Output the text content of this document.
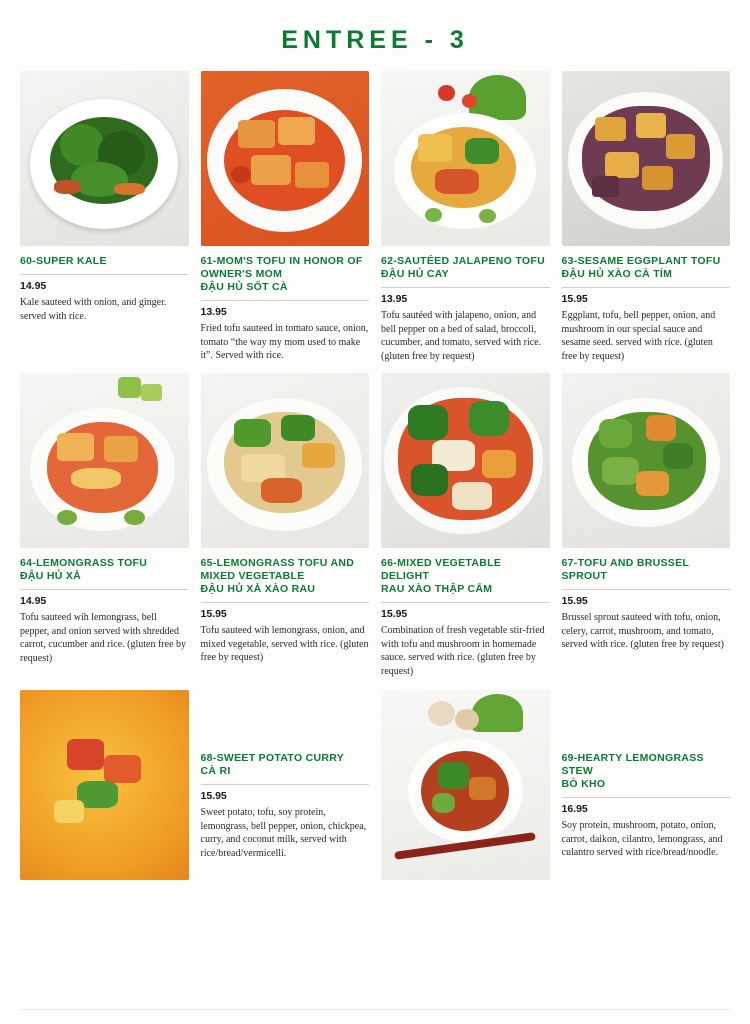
ENTREE - 3
60-SUPER KALE
14.95
Kale sauteed with onion, and ginger. served with rice.
61-MOM'S TOFU IN HONOR OF OWNER'S MOM
ĐẬU HỦ SỐT CÀ
13.95
Fried tofu sauteed in tomato sauce, onion, tomato “the way my mom used to make it”. Served with rice.
62-SAUTÉED JALAPENO TOFU
ĐẬU HỦ CAY
13.95
Tofu sautéed with jalapeno, onion, and bell pepper on a bed of salad, broccoli, cucumber, and tomato, served with rice. (gluten free by request)
63-SESAME EGGPLANT TOFU ĐẬU HỦ XÀO CÀ TÍM
15.95
Eggplant, tofu, bell pepper, onion, and mushroom in our special sauce and sesame seed. served with rice. (gluten free by request)
64-LEMONGRASS TOFU
ĐẬU HỦ XẢ
14.95
Tofu sauteed wih lemongrass, bell pepper, and onion served with shredded carrot, cucumber and rice. (gluten free by request)
65-LEMONGRASS TOFU AND MIXED VEGETABLE
ĐẬU HỦ XẢ XÀO RAU
15.95
Tofu sauteed wih lemongrass, onion, and mixed vegetable, served with rice. (gluten free by request)
66-MIXED VEGETABLE DELIGHT
RAU XÀO THẬP CẨM
15.95
Combination of fresh vegetable stir-fried with tofu and mushroom in homemade sauce. served with rice. (gluten free by request)
67-TOFU AND BRUSSEL SPROUT
15.95
Brussel sprout sauteed with tofu, onion, celery, carrot, mushroom, and tomato, served with rice. (gluten free by request)
68-SWEET POTATO CURRY
CÀ RI
15.95
Sweet potato, tofu, soy protein, lemongrass, bell pepper, onion, chickpea, curry, and coconut milk, served with rice/bread/vermicelli.
69-HEARTY LEMONGRASS STEW
BÒ KHO
16.95
Soy protein, mushroom, potato, onion, carrot, daikon, cilantro, lemongrass, and culantro served with rice/bread/noodle.
